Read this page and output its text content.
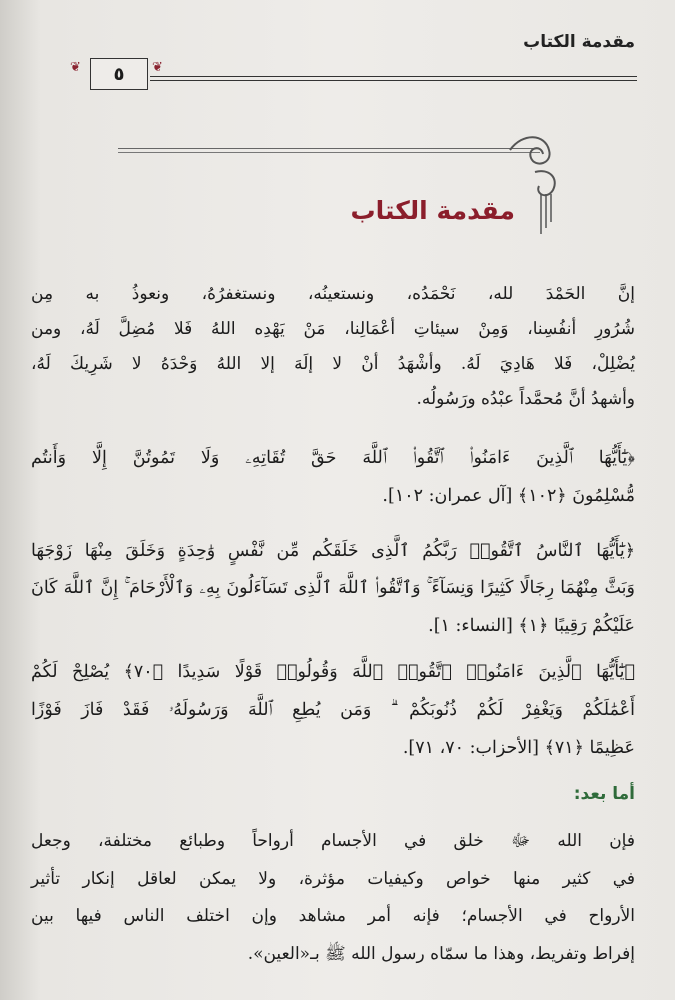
مقدمة الكتاب
❦	❦
٥
مقدمة الكتاب
إنَّ الحَمْدَ لله، نَحْمَدُه، ونستعينُه، ونستغفرُهُ، ونعوذُ به مِن
شُرُورِ أنفُسِنا، وَمِنْ سيئاتِ أعْمَالِنا، مَنْ يَهْدِه اللهُ فَلا مُضِلَّ لَهُ، ومن
يُضْلِلْ، فَلا هَادِيَ لَهُ. وأشْهَدُ أنْ لا إلَهَ إلا اللهُ وَحْدَهُ لا شَرِيكَ لَهُ،
وأشهدُ أنَّ مُحمَّداً عبْدُه ورَسُولُه.
﴿يَٰٓأَيُّهَا ٱلَّذِينَ ءَامَنُوا۟ ٱتَّقُوا۟ ٱللَّهَ حَقَّ تُقَاتِهِۦ وَلَا تَمُوتُنَّ إِلَّا وَأَنتُم
مُّسْلِمُونَ ﴿١٠٢﴾ [آل عمران: ١٠٢].
﴿يَٰٓأَيُّهَا ٱلنَّاسُ ٱتَّقُوا۟ رَبَّكُمُ ٱلَّذِى خَلَقَكُم مِّن نَّفْسٍ وَٰحِدَةٍ وَخَلَقَ مِنْهَا زَوْجَهَا
وَبَثَّ مِنْهُمَا رِجَالًا كَثِيرًا وَنِسَآءً ۚ وَٱتَّقُوا۟ ٱللَّهَ ٱلَّذِى تَسَآءَلُونَ بِهِۦ وَٱلْأَرْحَامَ ۚ إِنَّ ٱللَّهَ كَانَ
عَلَيْكُمْ رَقِيبًا ﴿١﴾ [النساء: ١].
﴿يَٰٓأَيُّهَا ٱلَّذِينَ ءَامَنُوا۟ ٱتَّقُوا۟ ٱللَّهَ وَقُولُوا۟ قَوْلًا سَدِيدًا ﴿٧٠﴾ يُصْلِحْ لَكُمْ
أَعْمَٰلَكُمْ وَيَغْفِرْ لَكُمْ ذُنُوبَكُمْ ۗ وَمَن يُطِعِ ٱللَّهَ وَرَسُولَهُۥ فَقَدْ فَازَ فَوْزًا
عَظِيمًا ﴿٧١﴾ [الأحزاب: ٧٠، ٧١].
أما بعد:
فإن الله ﷻ خلق في الأجسام أرواحاً وطبائع مختلفة، وجعل
في كثير منها خواص وكيفيات مؤثرة، ولا يمكن لعاقل إنكار تأثير
الأرواح في الأجسام؛ فإنه أمر مشاهد وإن اختلف الناس فيها بين
إفراط وتفريط، وهذا ما سمّاه رسول الله ﷺ بـ«العين».
